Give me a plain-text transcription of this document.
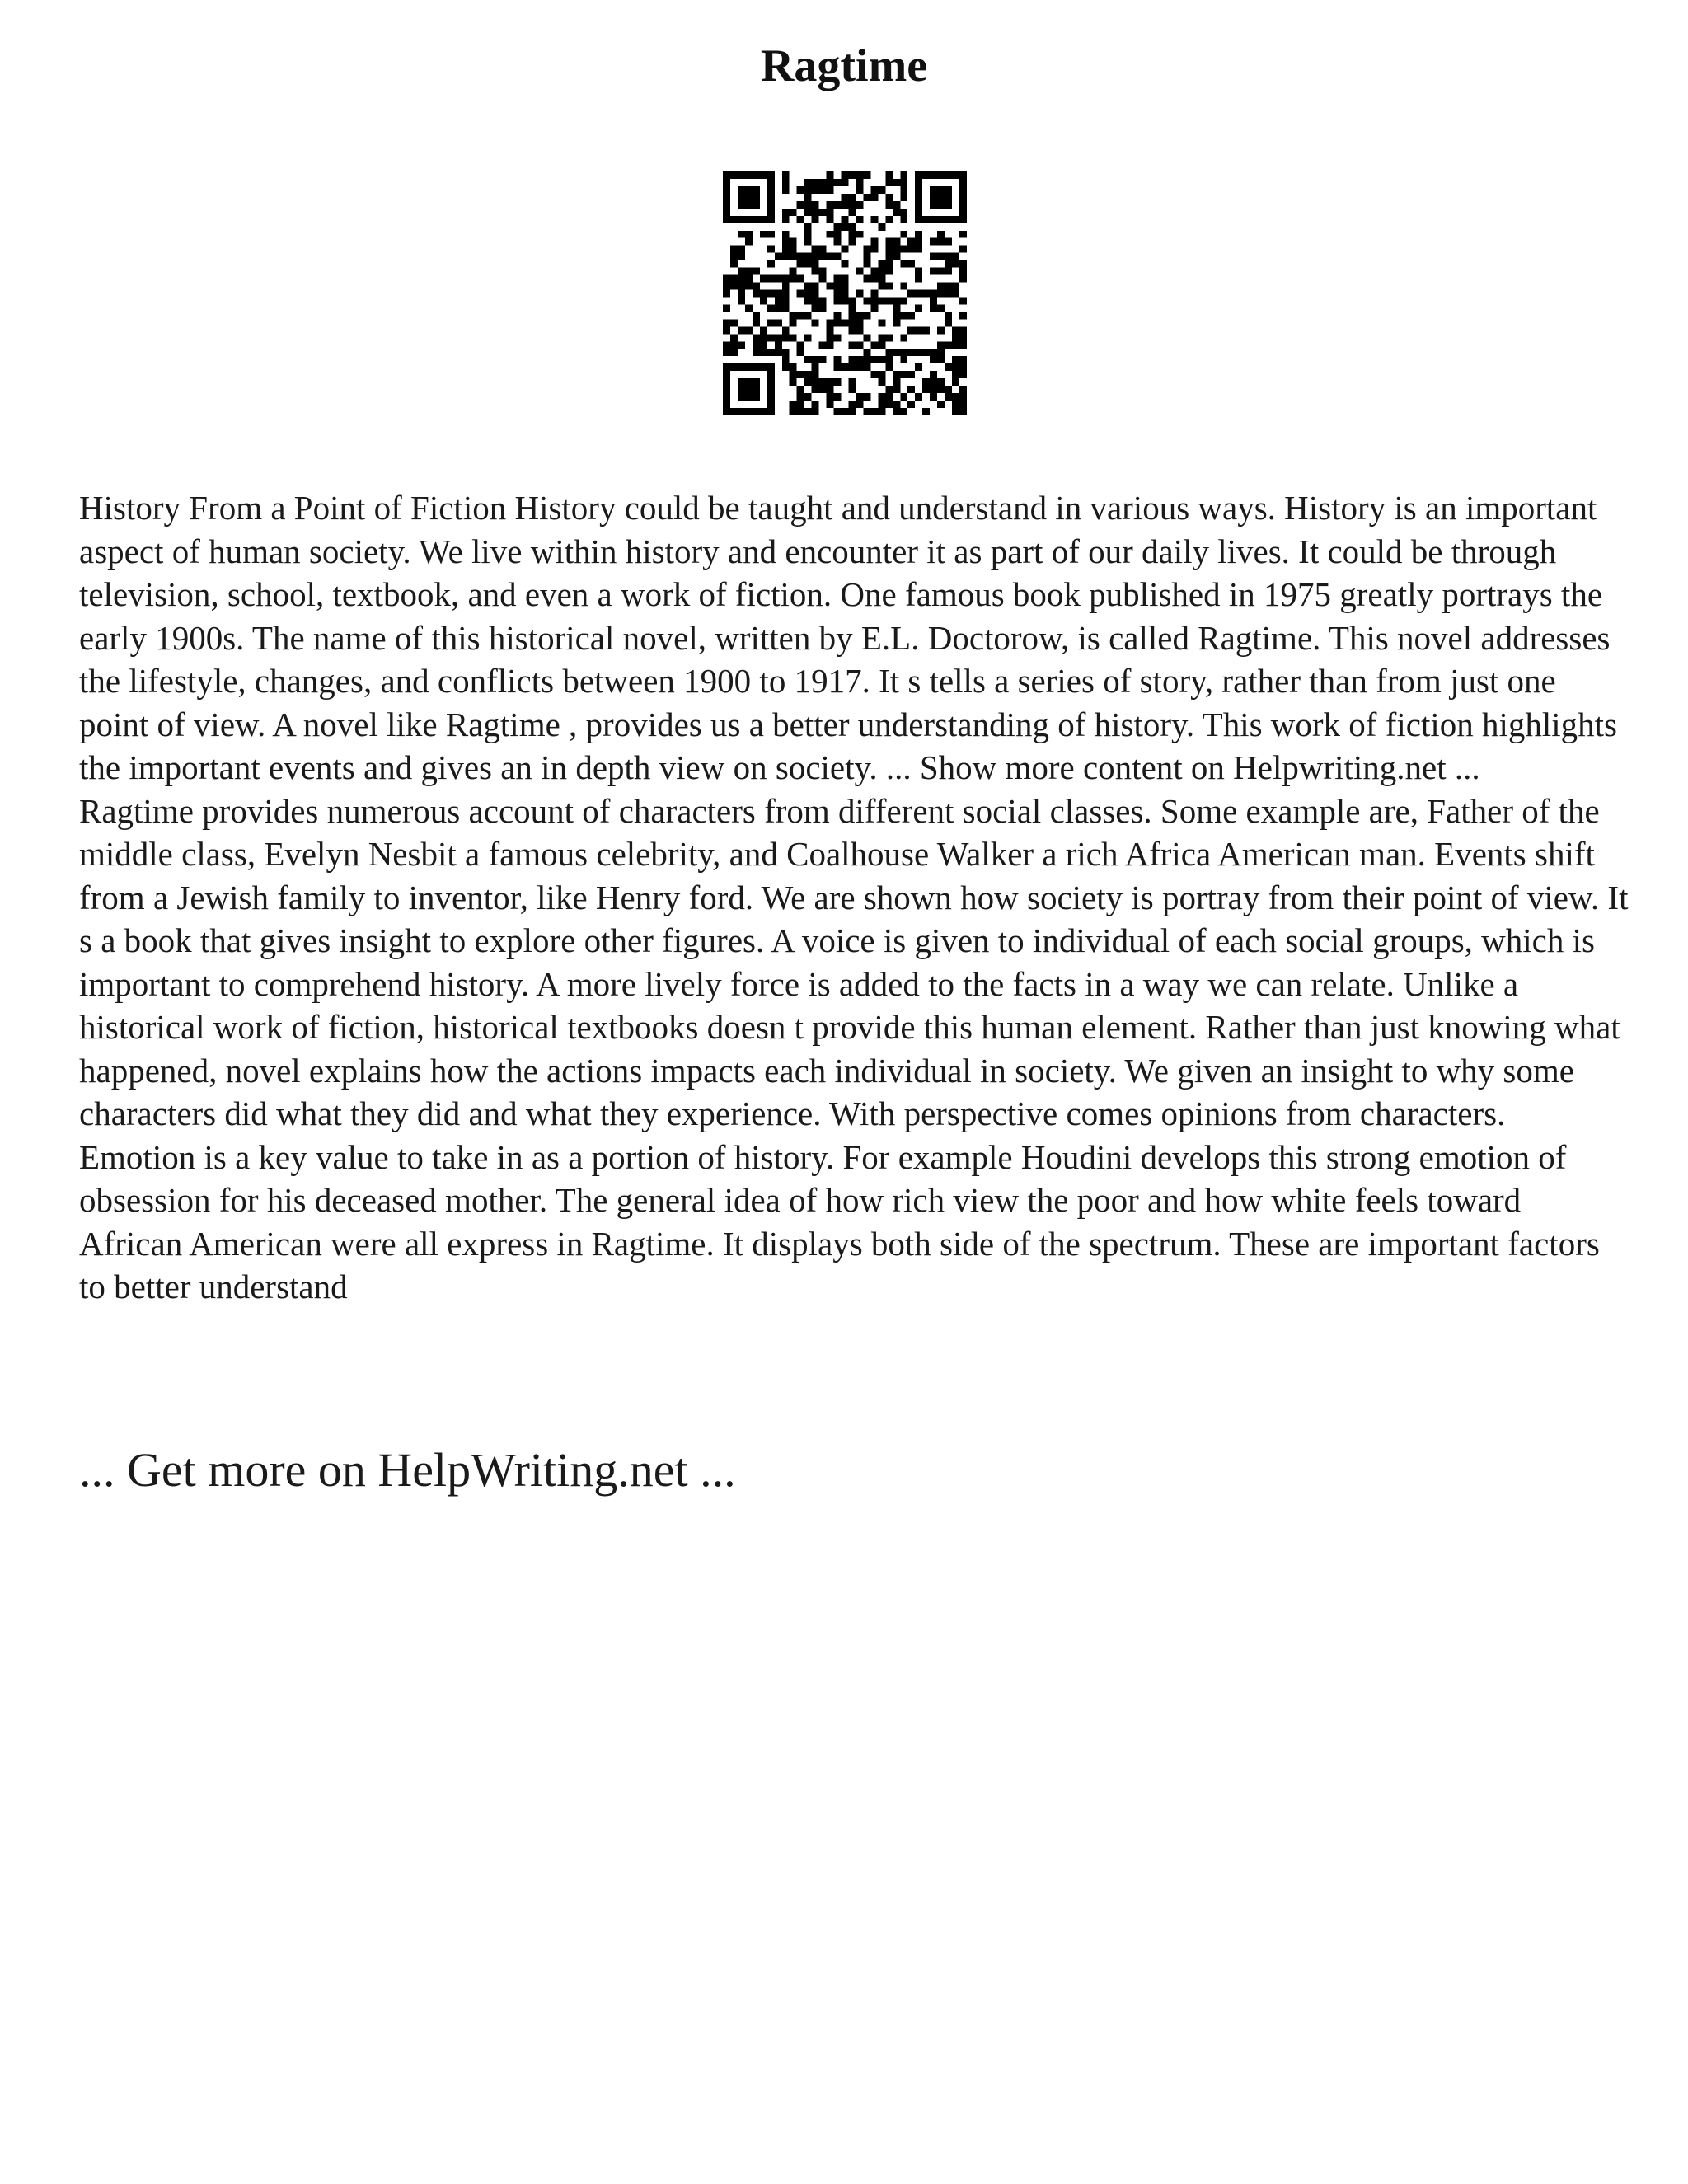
Ragtime

History From a Point of Fiction History could be taught and understand in various ways. History is an important aspect of human society. We live within history and encounter it as part of our daily lives. It could be through television, school, textbook, and even a work of fiction. One famous book published in 1975 greatly portrays the early 1900s. The name of this historical novel, written by E.L. Doctorow, is called Ragtime. This novel addresses the lifestyle, changes, and conflicts between 1900 to 1917. It s tells a series of story, rather than from just one point of view. A novel like Ragtime , provides us a better understanding of history. This work of fiction highlights the important events and gives an in depth view on society. ... Show more content on Helpwriting.net ...

Ragtime provides numerous account of characters from different social classes. Some example are, Father of the middle class, Evelyn Nesbit a famous celebrity, and Coalhouse Walker a rich Africa American man. Events shift from a Jewish family to inventor, like Henry ford. We are shown how society is portray from their point of view. It s a book that gives insight to explore other figures. A voice is given to individual of each social groups, which is important to comprehend history. A more lively force is added to the facts in a way we can relate. Unlike a historical work of fiction, historical textbooks doesn t provide this human element. Rather than just knowing what happened, novel explains how the actions impacts each individual in society. We given an insight to why some characters did what they did and what they experience. With perspective comes opinions from characters. Emotion is a key value to take in as a portion of history. For example Houdini develops this strong emotion of obsession for his deceased mother. The general idea of how rich view the poor and how white feels toward African American were all express in Ragtime. It displays both side of the spectrum. These are important factors to better understand

... Get more on HelpWriting.net ...
